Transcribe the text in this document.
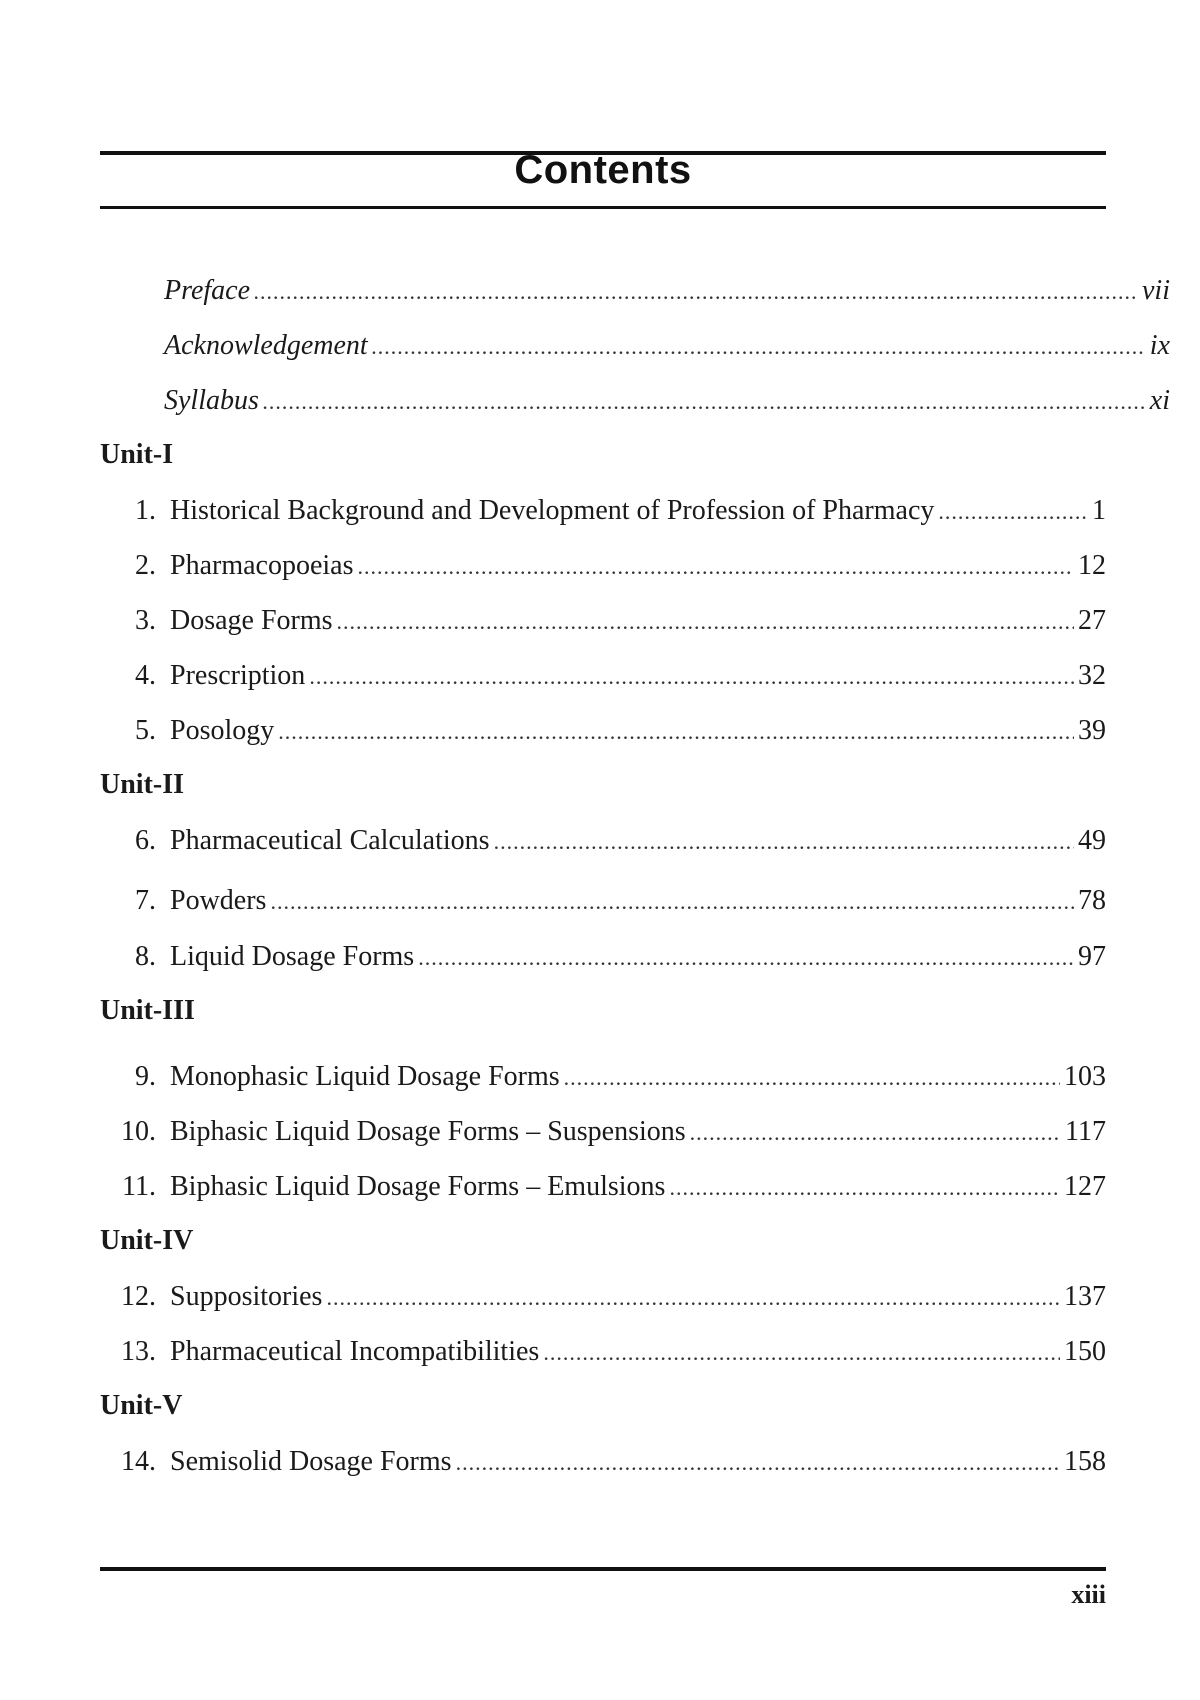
Contents
Preface .....	vii
Acknowledgement .....	ix
Syllabus .....	xi
Unit-I
1. Historical Background and Development of Profession of Pharmacy .....	1
2. Pharmacopoeias .....	12
3. Dosage Forms .....	27
4. Prescription .....	32
5. Posology .....	39
Unit-II
6. Pharmaceutical Calculations .....	49
7. Powders .....	78
8. Liquid Dosage Forms .....	97
Unit-III
9. Monophasic Liquid Dosage Forms .....	103
10. Biphasic Liquid Dosage Forms – Suspensions .....	117
11. Biphasic Liquid Dosage Forms – Emulsions .....	127
Unit-IV
12. Suppositories .....	137
13. Pharmaceutical Incompatibilities .....	150
Unit-V
14. Semisolid Dosage Forms .....	158
xiii
